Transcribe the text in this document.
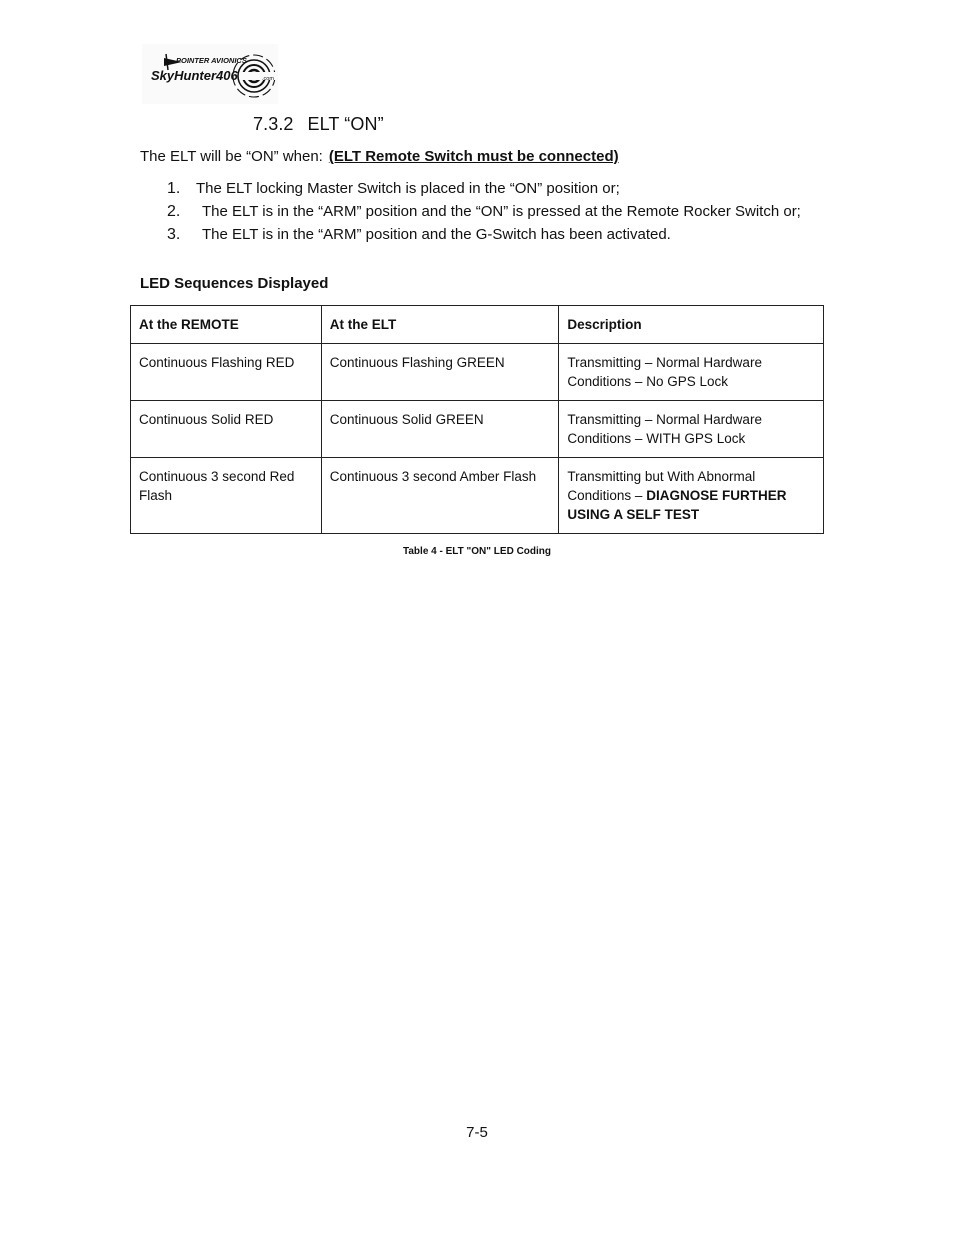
POINTER AVIONICS
SkyHunter406	.com
7.3.2 ELT “ON”
The ELT will be “ON” when: (ELT Remote Switch must be connected)
1. The ELT locking Master Switch is placed in the “ON” position or;
2. The ELT is in the “ARM” position and the “ON” is pressed at the Remote Rocker Switch or;
3. The ELT is in the “ARM” position and the G-Switch has been activated.
LED Sequences Displayed
At the REMOTE	At the ELT	Description
Continuous Flashing RED	Continuous Flashing GREEN	Transmitting – Normal Hardware Conditions – No GPS Lock
Continuous Solid RED	Continuous Solid GREEN	Transmitting – Normal Hardware Conditions – WITH GPS Lock
Continuous 3 second Red Flash	Continuous 3 second Amber Flash	Transmitting but With Abnormal Conditions – DIAGNOSE FURTHER USING A SELF TEST
Table 4 - ELT "ON" LED Coding
7-5
